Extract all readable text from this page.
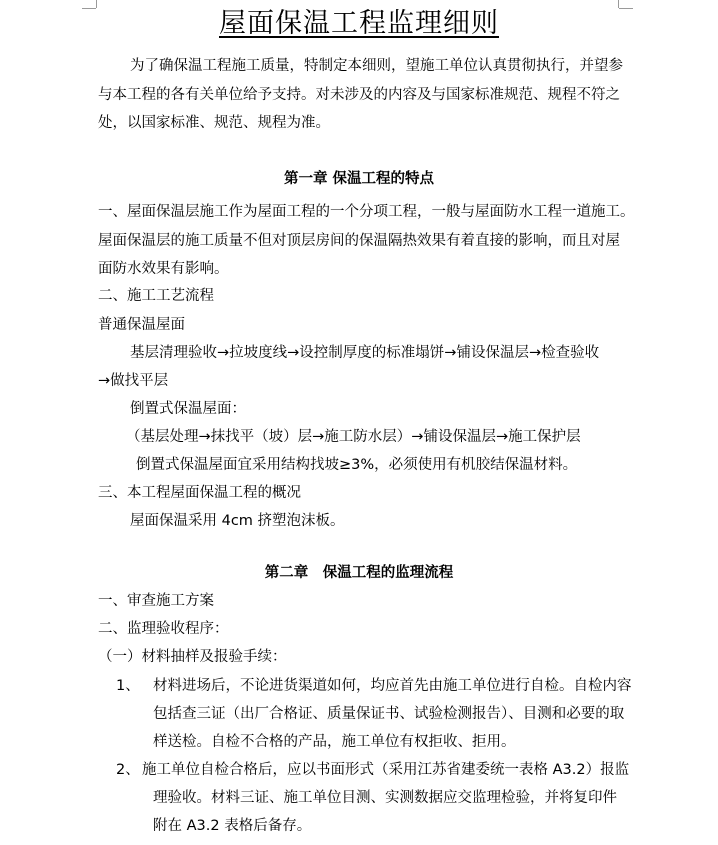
屋面保温工程监理细则
为了确保温工程施工质量，特制定本细则，望施工单位认真贯彻执行，并望参
与本工程的各有关单位给予支持。对未涉及的内容及与国家标准规范、规程不符之
处，以国家标准、规范、规程为准。
第一章 保温工程的特点
一、屋面保温层施工作为屋面工程的一个分项工程，一般与屋面防水工程一道施工。
屋面保温层的施工质量不但对顶层房间的保温隔热效果有着直接的影响，而且对屋
面防水效果有影响。
二、施工工艺流程
普通保温屋面
基层清理验收→拉坡度线→设控制厚度的标准塌饼→铺设保温层→检查验收
→做找平层
倒置式保温屋面：
（基层处理→抹找平（坡）层→施工防水层）→铺设保温层→施工保护层
倒置式保温屋面宜采用结构找坡≥3%，必须使用有机胶结保温材料。
三、本工程屋面保温工程的概况
屋面保温采用 4cm 挤塑泡沫板。
第二章　保温工程的监理流程
一、审查施工方案
二、监理验收程序：
（一）材料抽样及报验手续：
1、 材料进场后，不论进货渠道如何，均应首先由施工单位进行自检。自检内容
包括查三证（出厂合格证、质量保证书、试验检测报告）、目测和必要的取
样送检。自检不合格的产品，施工单位有权拒收、拒用。
2、 施工单位自检合格后，应以书面形式（采用江苏省建委统一表格 A3.2）报监
理验收。材料三证、施工单位目测、实测数据应交监理检验，并将复印件
附在 A3.2 表格后备存。
